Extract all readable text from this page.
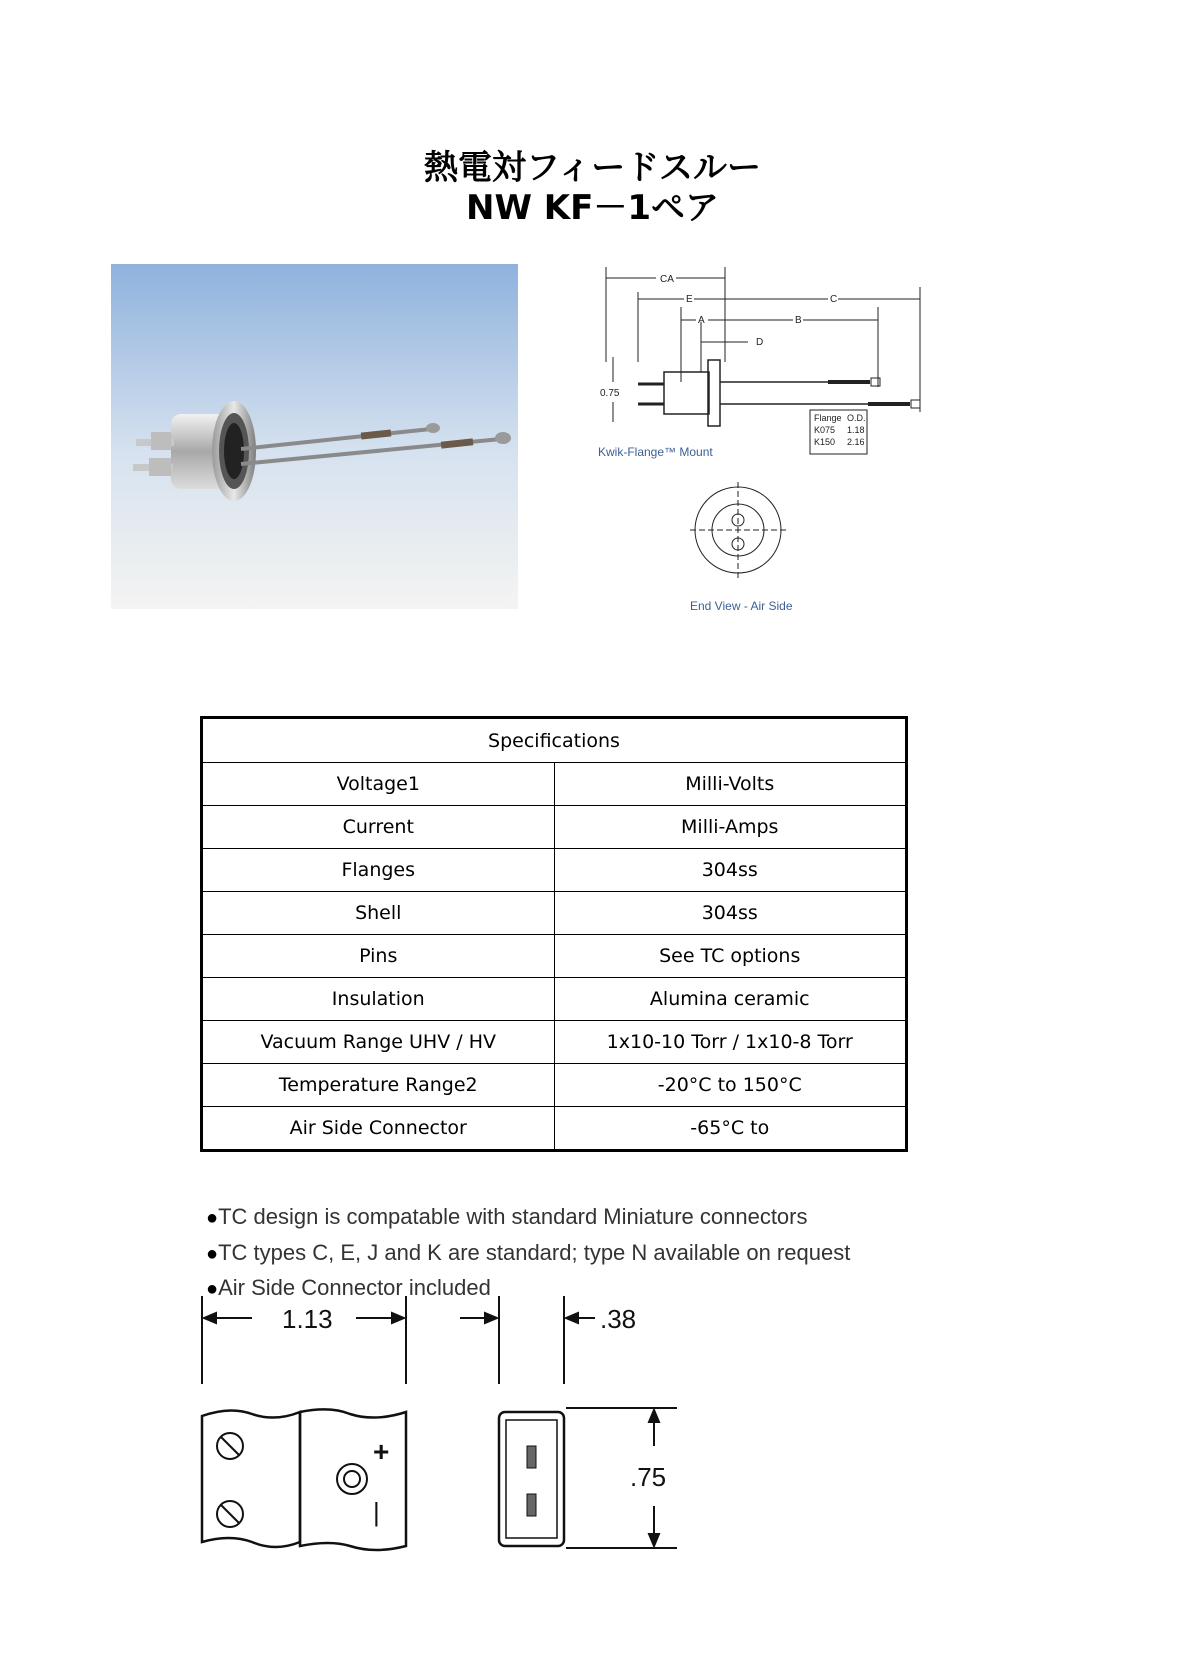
熱電対フィードスルー
NW KF－1ペア
CA
E	C
A	B
D
0.75
Flange O.D.
K075 1.18
K150 2.16
Kwik-Flange™ Mount
End View - Air Side
Specifications	
Voltage1	Milli-Volts
Current	Milli-Amps
Flanges	304ss
Shell	304ss
Pins	See TC options
Insulation	Alumina ceramic
Vacuum Range UHV / HV	1x10-10 Torr / 1x10-8 Torr
Temperature Range2	-20°C to 150°C
Air Side Connector	-65°C to
●TC design is compatable with standard Miniature connectors
●TC types C, E, J and K are standard; type N available on request
●Air Side Connector included
1.13	.38
.75
+
|
